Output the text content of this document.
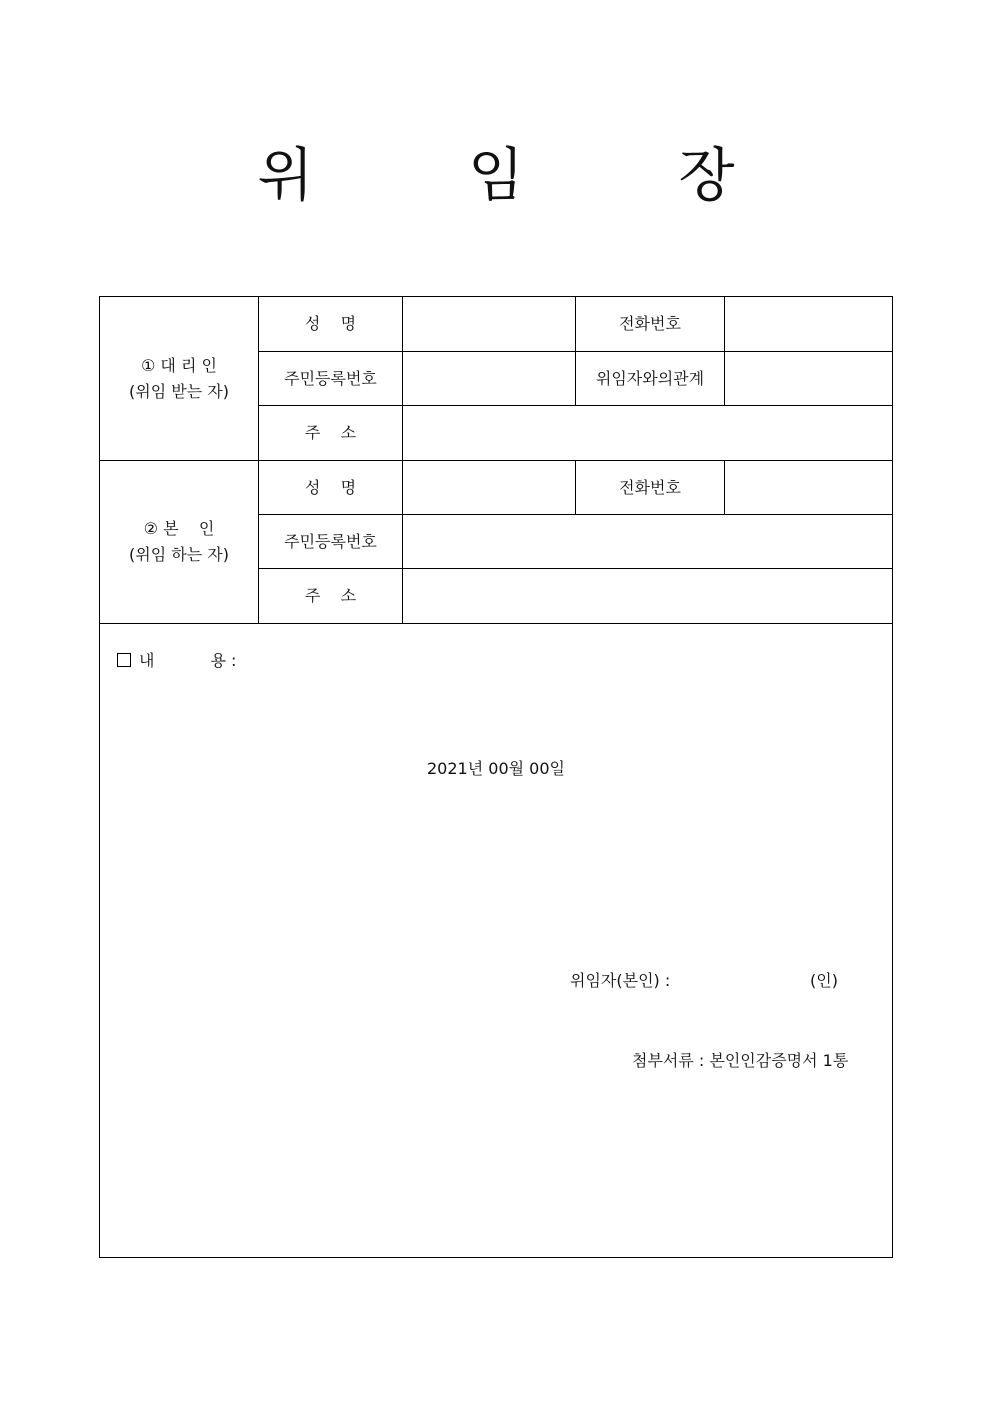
위 임 장
① 대 리 인
(위임 받는 자)
성    명	전화번호
주민등록번호	위임자와의관계
주    소
② 본    인
(위임 하는 자)
성    명	전화번호
주민등록번호
주    소
내	용 :
2021년 00월 00일
위임자(본인) :	(인)
첨부서류 : 본인인감증명서 1통
